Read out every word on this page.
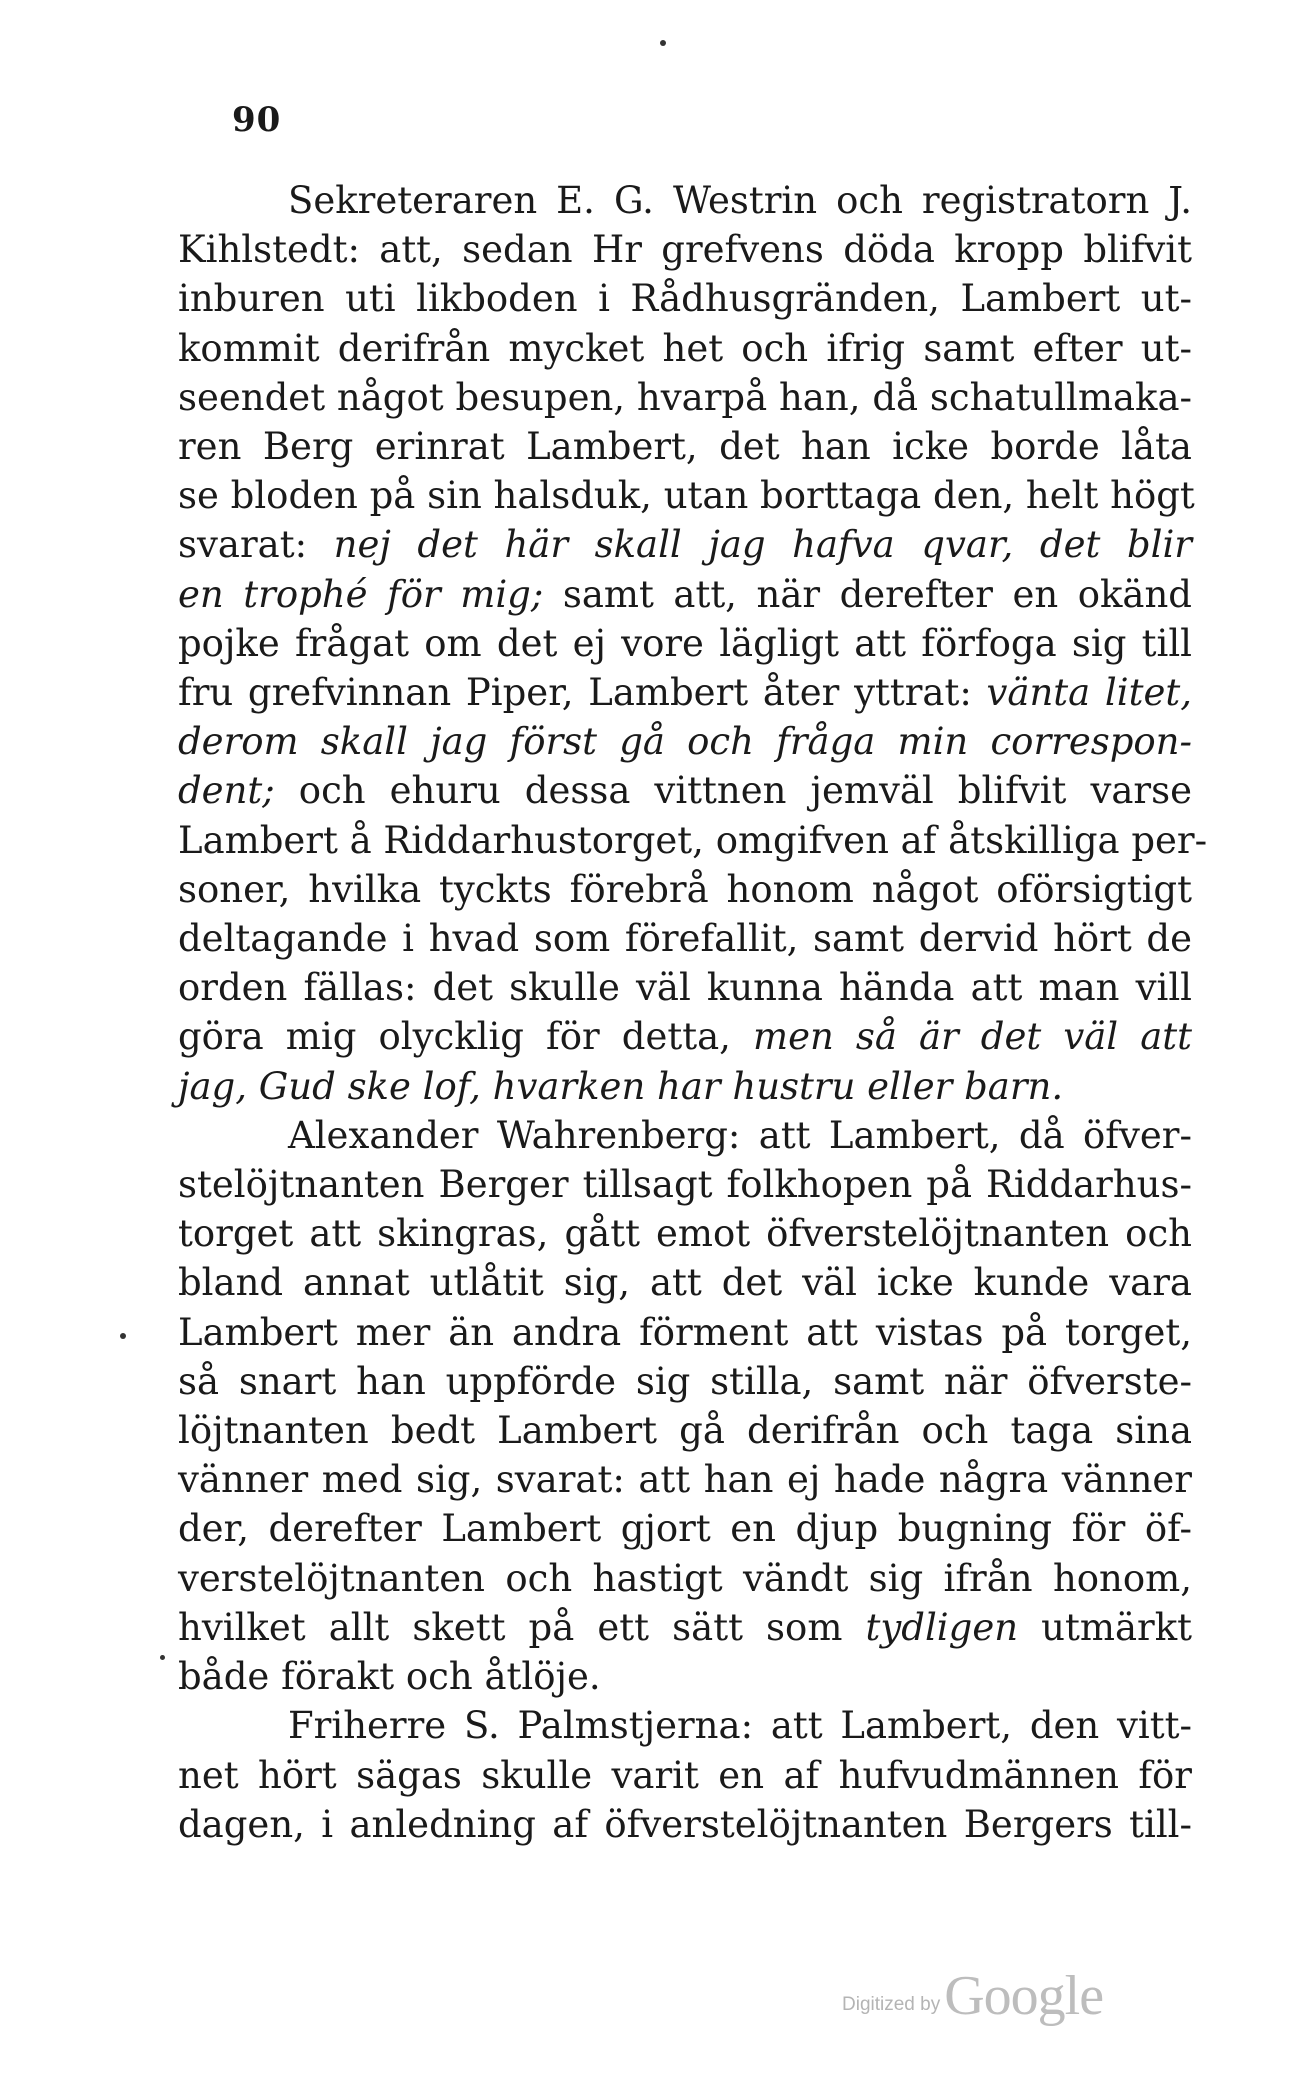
90
Sekreteraren E. G. Westrin och registratorn J.
Kihlstedt: att, sedan Hr grefvens döda kropp blifvit
inburen uti likboden i Rådhusgränden, Lambert ut-
kommit derifrån mycket het och ifrig samt efter ut-
seendet något besupen, hvarpå han, då schatullmaka-
ren Berg erinrat Lambert, det han icke borde låta
se bloden på sin halsduk, utan borttaga den, helt högt
svarat: nej det här skall jag hafva qvar, det blir
en trophé för mig; samt att, när derefter en okänd
pojke frågat om det ej vore lägligt att förfoga sig till
fru grefvinnan Piper, Lambert åter yttrat: vänta litet,
derom skall jag först gå och fråga min correspon-
dent; och ehuru dessa vittnen jemväl blifvit varse
Lambert å Riddarhustorget, omgifven af åtskilliga per-
soner, hvilka tyckts förebrå honom något oförsigtigt
deltagande i hvad som förefallit, samt dervid hört de
orden fällas: det skulle väl kunna hända att man vill
göra mig olycklig för detta, men så är det väl att
jag, Gud ske lof, hvarken har hustru eller barn.
Alexander Wahrenberg: att Lambert, då öfver-
stelöjtnanten Berger tillsagt folkhopen på Riddarhus-
torget att skingras, gått emot öfverstelöjtnanten och
bland annat utlåtit sig, att det väl icke kunde vara
Lambert mer än andra förment att vistas på torget,
så snart han uppförde sig stilla, samt när öfverste-
löjtnanten bedt Lambert gå derifrån och taga sina
vänner med sig, svarat: att han ej hade några vänner
der, derefter Lambert gjort en djup bugning för öf-
verstelöjtnanten och hastigt vändt sig ifrån honom,
hvilket allt skett på ett sätt som tydligen utmärkt
både förakt och åtlöje.
Friherre S. Palmstjerna: att Lambert, den vitt-
net hört sägas skulle varit en af hufvudmännen för
dagen, i anledning af öfverstelöjtnanten Bergers till-
Digitized by Google
